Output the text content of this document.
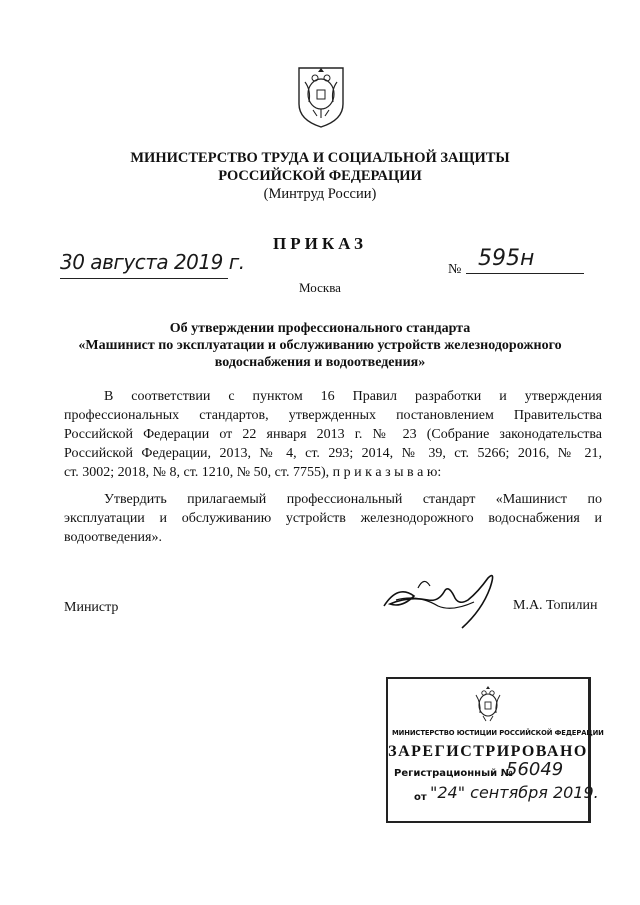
МИНИСТЕРСТВО ТРУДА И СОЦИАЛЬНОЙ ЗАЩИТЫ
РОССИЙСКОЙ ФЕДЕРАЦИИ
(Минтруд России)
ПРИКАЗ
30 августа 2019 г.	№ 595н
Москва
Об утверждении профессионального стандарта
«Машинист по эксплуатации и обслуживанию устройств железнодорожного
водоснабжения и водоотведения»
В соответствии с пунктом 16 Правил разработки и утверждения
профессиональных стандартов, утвержденных постановлением Правительства
Российской Федерации от 22 января 2013 г. № 23 (Собрание законодательства
Российской Федерации, 2013, № 4, ст. 293; 2014, № 39, ст. 5266; 2016, № 21,
ст. 3002; 2018, № 8, ст. 1210, № 50, ст. 7755), п р и к а з ы в а ю:
Утвердить прилагаемый профессиональный стандарт «Машинист по
эксплуатации и обслуживанию устройств железнодорожного водоснабжения и
водоотведения».
Министр	М.А. Топилин
МИНИСТЕРСТВО ЮСТИЦИИ РОССИЙСКОЙ ФЕДЕРАЦИИ
ЗАРЕГИСТРИРОВАНО
Регистрационный №
56049
от "24" сентября 2019.
